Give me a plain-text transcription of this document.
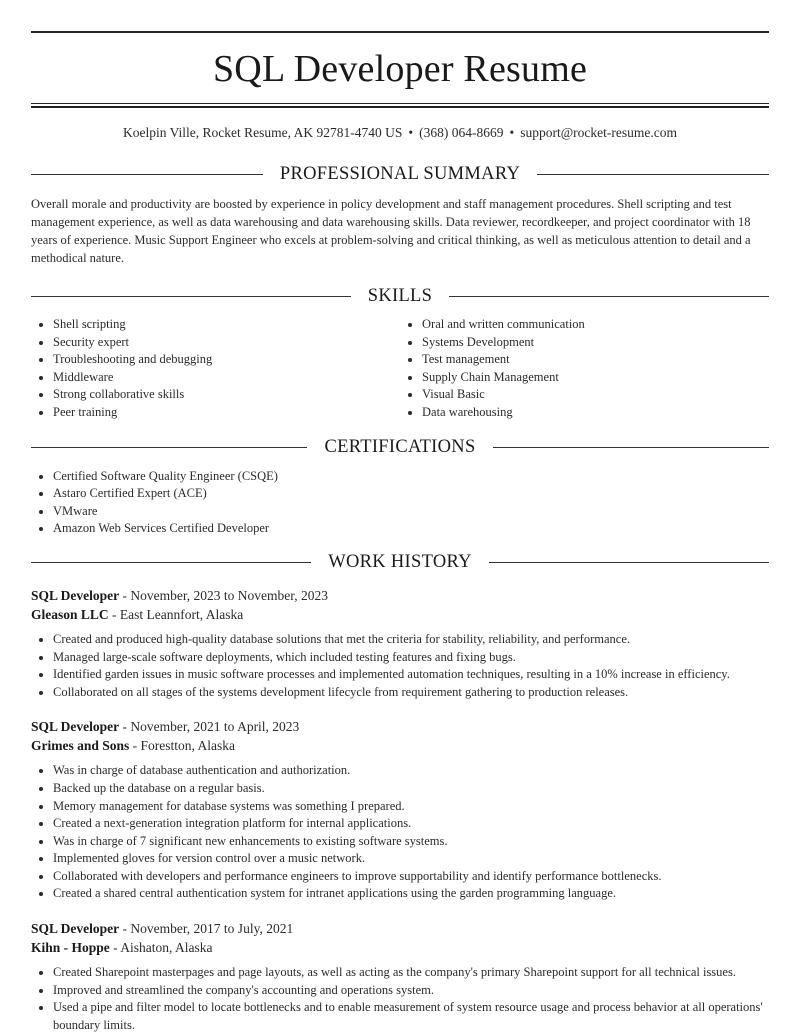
SQL Developer Resume
Koelpin Ville, Rocket Resume, AK 92781-4740 US • (368) 064-8669 • support@rocket-resume.com
PROFESSIONAL SUMMARY
Overall morale and productivity are boosted by experience in policy development and staff management procedures. Shell scripting and test management experience, as well as data warehousing and data warehousing skills. Data reviewer, recordkeeper, and project coordinator with 18 years of experience. Music Support Engineer who excels at problem-solving and critical thinking, as well as meticulous attention to detail and a methodical nature.
SKILLS
• Shell scripting
• Security expert
• Troubleshooting and debugging
• Middleware
• Strong collaborative skills
• Peer training
• Oral and written communication
• Systems Development
• Test management
• Supply Chain Management
• Visual Basic
• Data warehousing
CERTIFICATIONS
• Certified Software Quality Engineer (CSQE)
• Astaro Certified Expert (ACE)
• VMware
• Amazon Web Services Certified Developer
WORK HISTORY
SQL Developer - November, 2023 to November, 2023
Gleason LLC - East Leannfort, Alaska
• Created and produced high-quality database solutions that met the criteria for stability, reliability, and performance.
• Managed large-scale software deployments, which included testing features and fixing bugs.
• Identified garden issues in music software processes and implemented automation techniques, resulting in a 10% increase in efficiency.
• Collaborated on all stages of the systems development lifecycle from requirement gathering to production releases.
SQL Developer - November, 2021 to April, 2023
Grimes and Sons - Forestton, Alaska
• Was in charge of database authentication and authorization.
• Backed up the database on a regular basis.
• Memory management for database systems was something I prepared.
• Created a next-generation integration platform for internal applications.
• Was in charge of 7 significant new enhancements to existing software systems.
• Implemented gloves for version control over a music network.
• Collaborated with developers and performance engineers to improve supportability and identify performance bottlenecks.
• Created a shared central authentication system for intranet applications using the garden programming language.
SQL Developer - November, 2017 to July, 2021
Kihn - Hoppe - Aishaton, Alaska
• Created Sharepoint masterpages and page layouts, as well as acting as the company's primary Sharepoint support for all technical issues.
• Improved and streamlined the company's accounting and operations system.
• Used a pipe and filter model to locate bottlenecks and to enable measurement of system resource usage and process behavior at all operations' boundary limits.
